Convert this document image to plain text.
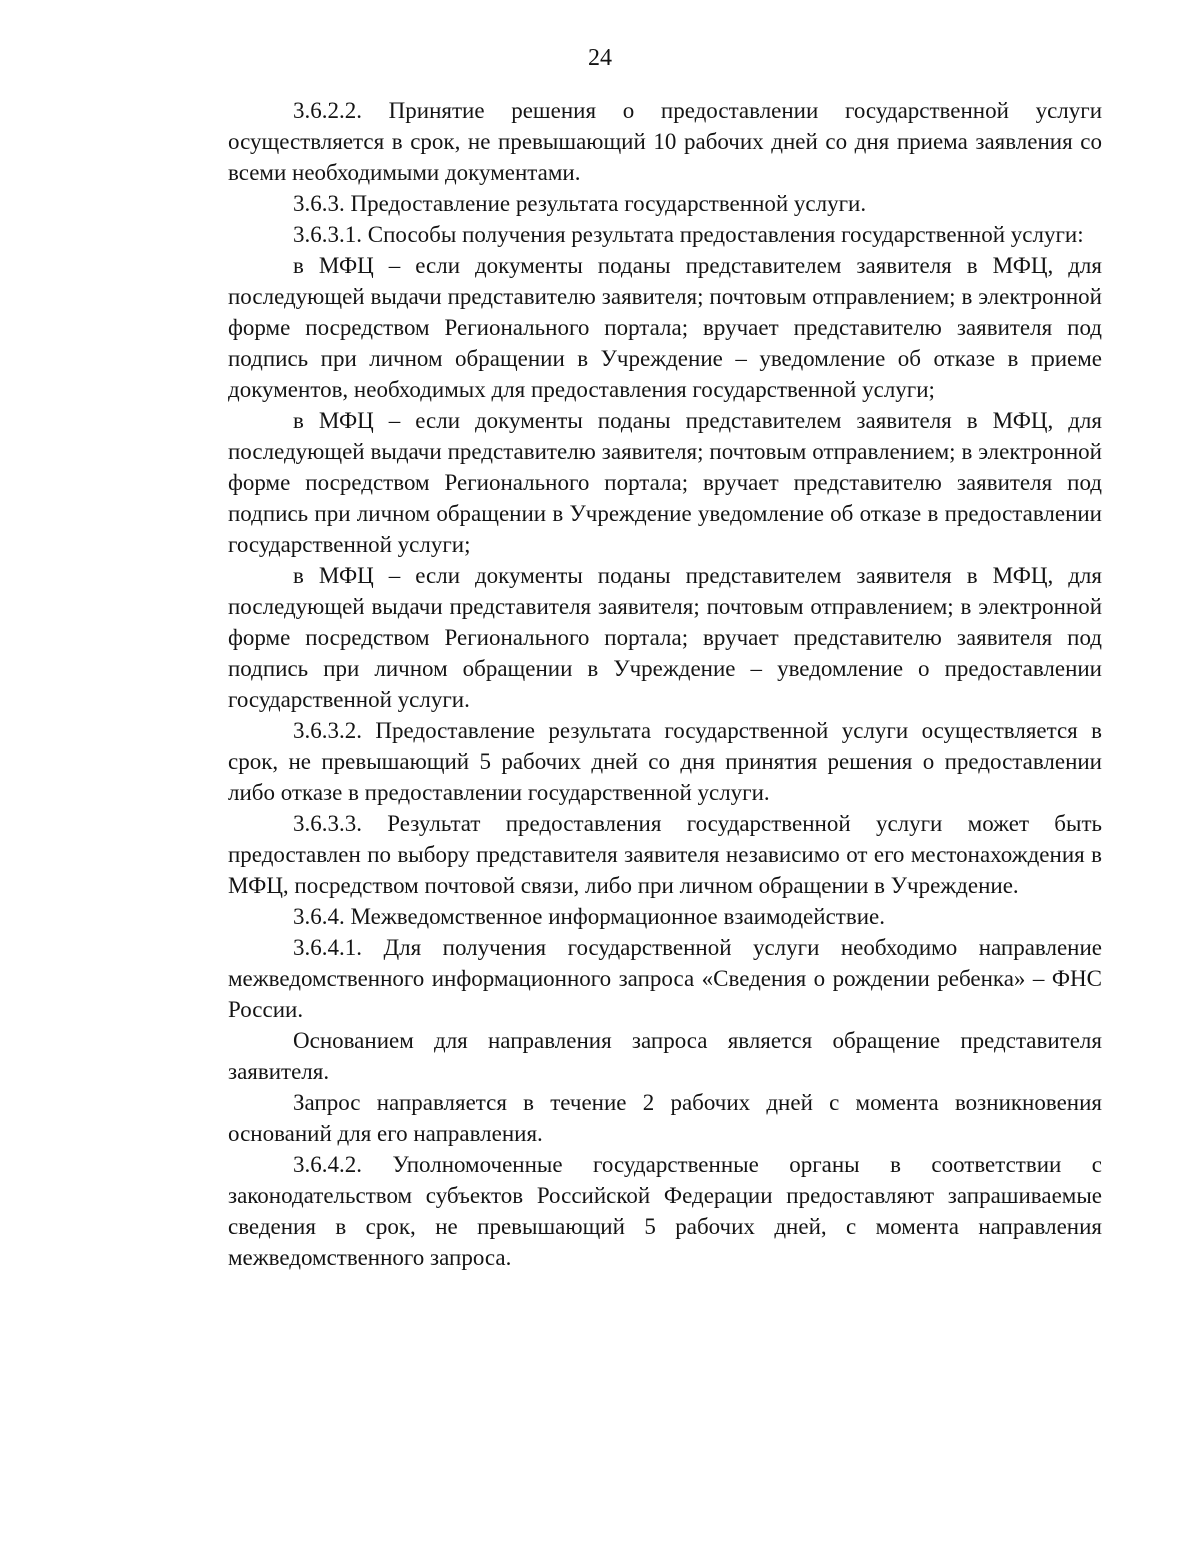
24

3.6.2.2. Принятие решения о предоставлении государственной услуги осуществляется в срок, не превышающий 10 рабочих дней со дня приема заявления со всеми необходимыми документами.

3.6.3. Предоставление результата государственной услуги.

3.6.3.1. Способы получения результата предоставления государственной услуги:

в МФЦ – если документы поданы представителем заявителя в МФЦ, для последующей выдачи представителю заявителя; почтовым отправлением; в электронной форме посредством Регионального портала; вручает представителю заявителя под подпись при личном обращении в Учреждение – уведомление об отказе в приеме документов, необходимых для предоставления государственной услуги;

в МФЦ – если документы поданы представителем заявителя в МФЦ, для последующей выдачи представителю заявителя; почтовым отправлением; в электронной форме посредством Регионального портала; вручает представителю заявителя под подпись при личном обращении в Учреждение уведомление об отказе в предоставлении государственной услуги;

в МФЦ – если документы поданы представителем заявителя в МФЦ, для последующей выдачи представителя заявителя; почтовым отправлением; в электронной форме посредством Регионального портала; вручает представителю заявителя под подпись при личном обращении в Учреждение – уведомление о предоставлении государственной услуги.

3.6.3.2. Предоставление результата государственной услуги осуществляется в срок, не превышающий 5 рабочих дней со дня принятия решения о предоставлении либо отказе в предоставлении государственной услуги.

3.6.3.3. Результат предоставления государственной услуги может быть предоставлен по выбору представителя заявителя независимо от его местонахождения в МФЦ, посредством почтовой связи, либо при личном обращении в Учреждение.

3.6.4. Межведомственное информационное взаимодействие.

3.6.4.1. Для получения государственной услуги необходимо направление межведомственного информационного запроса «Сведения о рождении ребенка» – ФНС России.

Основанием для направления запроса является обращение представителя заявителя.

Запрос направляется в течение 2 рабочих дней с момента возникновения оснований для его направления.

3.6.4.2. Уполномоченные государственные органы в соответствии с законодательством субъектов Российской Федерации предоставляют запрашиваемые сведения в срок, не превышающий 5 рабочих дней, с момента направления межведомственного запроса.
